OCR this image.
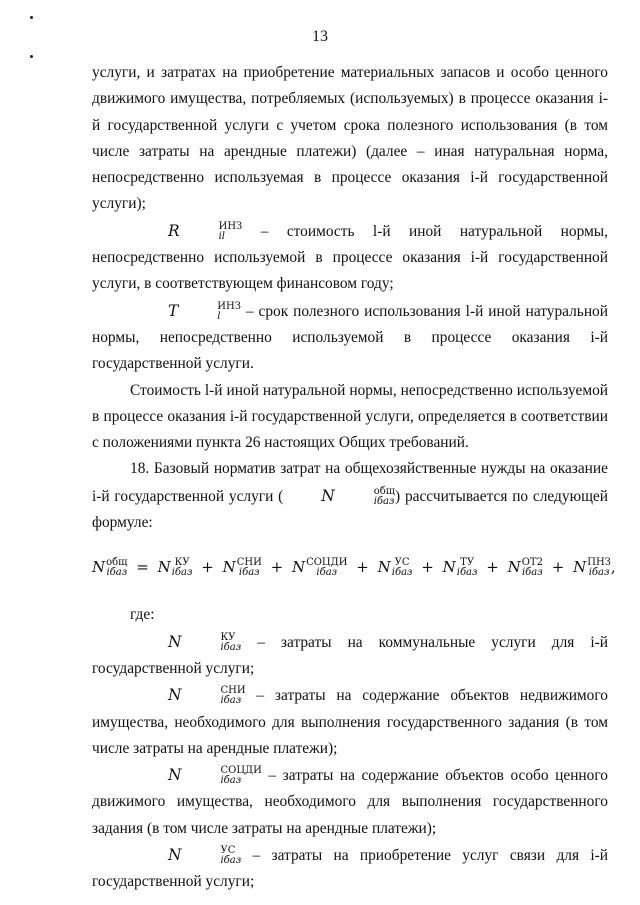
13

услуги, и затратах на приобретение материальных запасов и особо ценного движимого имущества, потребляемых (используемых) в процессе оказания i-й государственной услуги с учетом срока полезного использования (в том числе затраты на арендные платежи) (далее – иная натуральная норма, непосредственно используемая в процессе оказания i-й государственной услуги);

R	ИНЗ
il	– стоимость l-й иной натуральной нормы, непосредственно используемой в процессе оказания i-й государственной услуги, в соответствующем финансовом году;

T	ИНЗ
l	– срок полезного использования l-й иной натуральной нормы, непосредственно используемой в процессе оказания i-й государственной услуги.

Стоимость l-й иной натуральной нормы, непосредственно используемой в процессе оказания i-й государственной услуги, определяется в соответствии с положениями пункта 26 настоящих Общих требований.

18. Базовый норматив затрат на общехозяйственные нужды на оказание i-й государственной услуги ( N	общ
iбаз ) рассчитывается по следующей формуле:

N общ
iбаз = N КУ
iбаз + N СНИ
iбаз + N СОЦДИ
iбаз	+ N УС
iбаз + N ТУ
iбаз + N ОТ2
iбаз + N ПНЗ
iбаз ,

где:

N	КУ
iбаз – затраты на коммунальные услуги для i-й государственной услуги;

N	СНИ
iбаз – затраты на содержание объектов недвижимого имущества, необходимого для выполнения государственного задания (в том числе затраты на арендные платежи);

N	СОЦДИ
iбаз	– затраты на содержание объектов особо ценного движимого имущества, необходимого для выполнения государственного задания (в том числе затраты на арендные платежи);

N	УС
iбаз – затраты на приобретение услуг связи для i-й государственной услуги;
